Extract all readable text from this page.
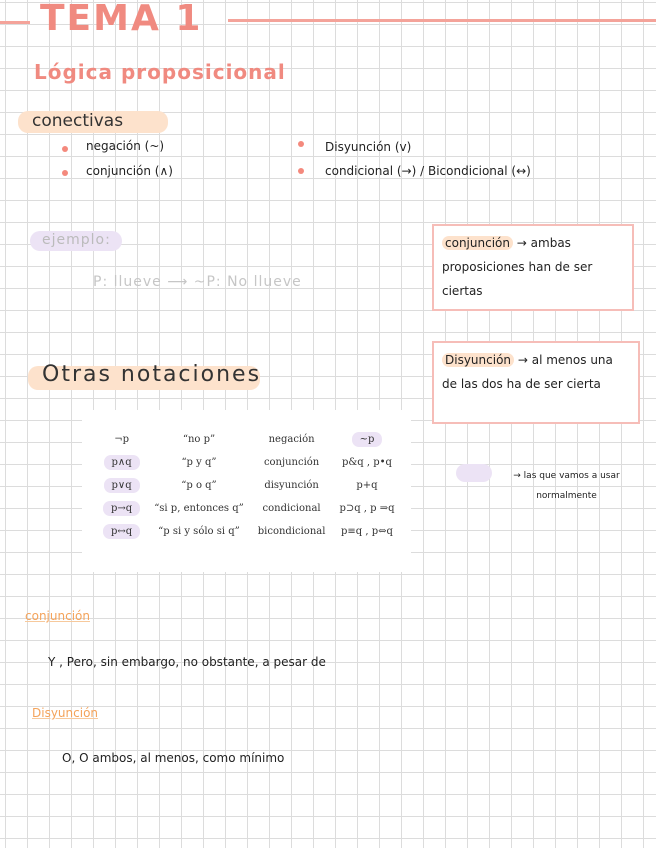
TEMA 1
Lógica proposicional
conectivas
negación (~)
conjunción (∧)
Disyunción (v)
condicional (→) / Bicondicional (↔)
ejemplo:
P: llueve ⟶ ~P: No llueve
conjunción → ambas proposiciones han de ser ciertas
Disyunción → al menos una de las dos ha de ser cierta
Otras notaciones
¬p	“no p”	negación	~p
p∧q	“p y q”	conjunción	p&q , p•q
p∨q	“p o q”	disyunción	p+q
p→q	“si p, entonces q”	condicional	p⊃q , p ⇒q
p↔q	“p si y sólo si q”	bicondicional	p≡q , p⇔q
→ las que vamos a usar normalmente
conjunción
Y , Pero, sin embargo, no obstante, a pesar de
Disyunción
O, O ambos, al menos, como mínimo
